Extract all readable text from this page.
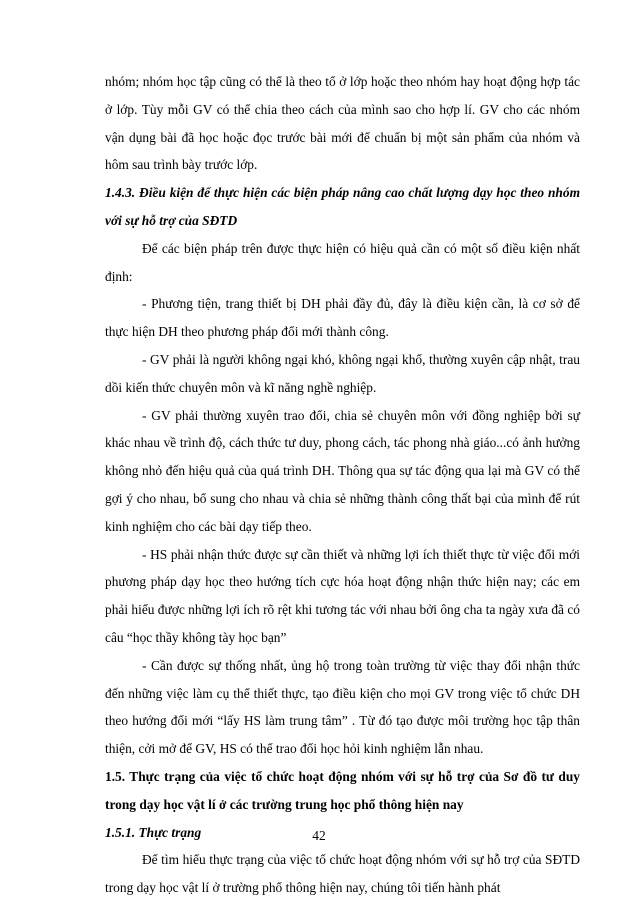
nhóm; nhóm học tập cũng có thể là theo tổ ở lớp hoặc theo nhóm hay hoạt động hợp tác ở lớp. Tùy mỗi GV có thể chia theo cách của mình sao cho hợp lí. GV cho các nhóm vận dụng bài đã học hoặc đọc trước bài mới để chuẩn bị một sản phẩm của nhóm và hôm sau trình bày trước lớp.

1.4.3. Điều kiện để thực hiện các biện pháp nâng cao chất lượng dạy học theo nhóm với sự hỗ trợ của SĐTD

Để các biện pháp trên được thực hiện có hiệu quả cần có một số điều kiện nhất định:

- Phương tiện, trang thiết bị DH phải đầy đủ, đây là điều kiện cần, là cơ sở để thực hiện DH theo phương pháp đổi mới thành công.

- GV phải là người không ngại khó, không ngại khổ, thường xuyên cập nhật, trau dồi kiến thức chuyên môn và kĩ năng nghề nghiệp.

- GV phải thường xuyên trao đổi, chia sẻ chuyên môn với đồng nghiệp bởi sự khác nhau về trình độ, cách thức tư duy, phong cách, tác phong nhà giáo...có ảnh hưởng không nhỏ đến hiệu quả của quá trình DH. Thông qua sự tác động qua lại mà GV có thể gợi ý cho nhau, bổ sung cho nhau và chia sẻ những thành công thất bại của mình để rút kinh nghiệm cho các bài dạy tiếp theo.

- HS phải nhận thức được sự cần thiết và những lợi ích thiết thực từ việc đổi mới phương pháp dạy học theo hướng tích cực hóa hoạt động nhận thức hiện nay; các em phải hiểu được những lợi ích rõ rệt khi tương tác với nhau bởi ông cha ta ngày xưa đã có câu “học thầy không tày học bạn”

- Cần được sự thống nhất, ủng hộ trong toàn trường từ việc thay đổi nhận thức đến những việc làm cụ thể thiết thực, tạo điều kiện cho mọi GV trong việc tổ chức DH theo hướng đổi mới “lấy HS làm trung tâm” . Từ đó tạo được môi trường học tập thân thiện, cởi mở để GV, HS có thể trao đổi học hỏi kinh nghiệm lẫn nhau.

1.5. Thực trạng của việc tổ chức hoạt động nhóm với sự hỗ trợ của Sơ đồ tư duy trong dạy học vật lí ở các trường trung học phổ thông hiện nay

1.5.1. Thực trạng

Để tìm hiểu thực trạng của việc tổ chức hoạt động nhóm với sự hỗ trợ của SĐTD trong dạy học vật lí ở trường phổ thông hiện nay, chúng tôi tiến hành phát

42
